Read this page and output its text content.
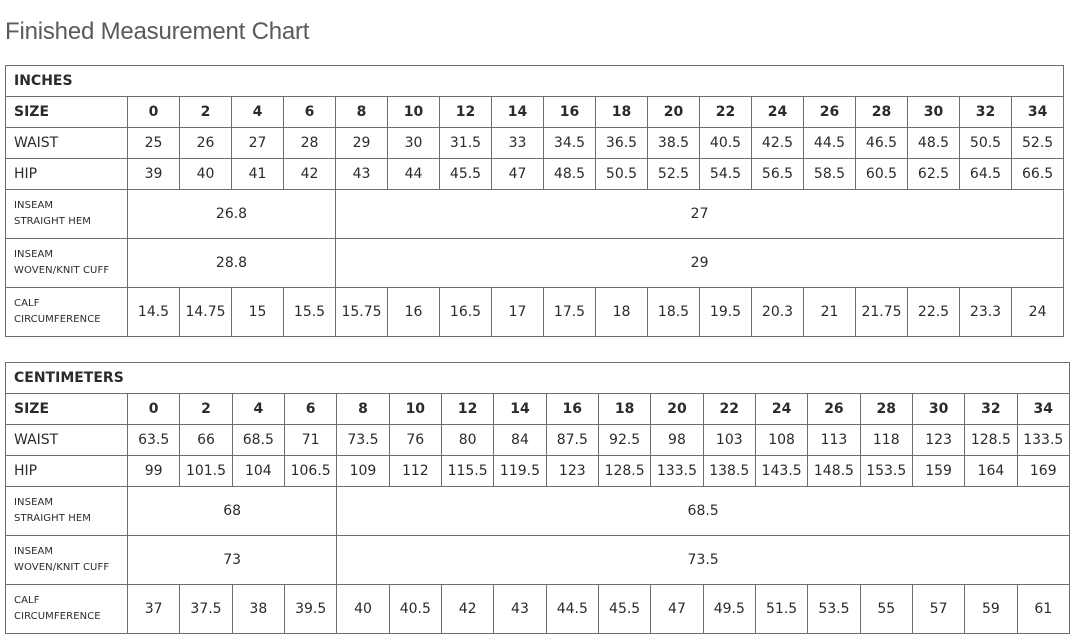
Finished Measurement Chart
INCHES																		
SIZE	0	2	4	6	8	10	12	14	16	18	20	22	24	26	28	30	32	34
WAIST	25	26	27	28	29	30	31.5	33	34.5	36.5	38.5	40.5	42.5	44.5	46.5	48.5	50.5	52.5
HIP	39	40	41	42	43	44	45.5	47	48.5	50.5	52.5	54.5	56.5	58.5	60.5	62.5	64.5	66.5

INSEAM
STRAIGHT HEM	26.8				27													

INSEAM
WOVEN/KNIT CUFF	28.8				29													

CALF
CIRCUMFERENCE	14.5	14.75	15	15.5	15.75	16	16.5	17	17.5	18	18.5	19.5	20.3	21	21.75	22.5	23.3	24
CENTIMETERS																		
SIZE	0	2	4	6	8	10	12	14	16	18	20	22	24	26	28	30	32	34
WAIST	63.5	66	68.5	71	73.5	76	80	84	87.5	92.5	98	103	108	113	118	123	128.5	133.5
HIP	99	101.5	104	106.5	109	112	115.5	119.5	123	128.5	133.5	138.5	143.5	148.5	153.5	159	164	169

INSEAM
STRAIGHT HEM	68				68.5													

INSEAM
WOVEN/KNIT CUFF	73				73.5													

CALF
CIRCUMFERENCE	37	37.5	38	39.5	40	40.5	42	43	44.5	45.5	47	49.5	51.5	53.5	55	57	59	61
